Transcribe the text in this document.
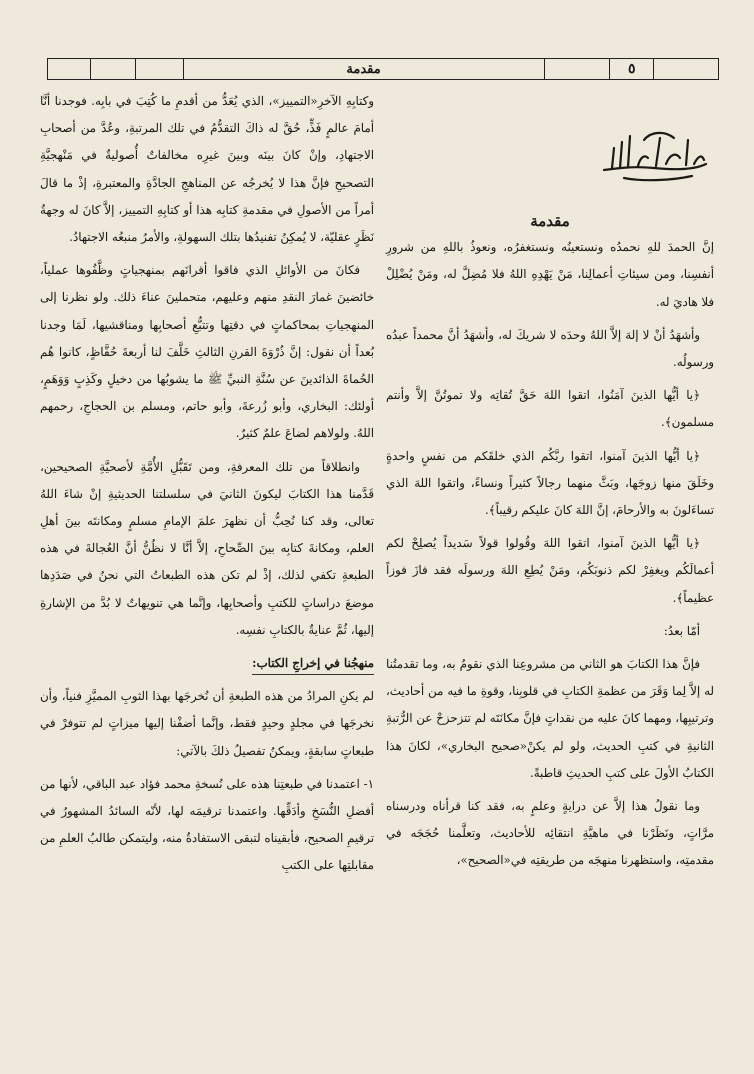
مقدمة	٥
مقدمة

إنَّ الحمدَ للهِ نحمدُه ونستعينُه ونستغفرُه، ونعوذُ باللهِ من شرورِ أنفسِنا، ومن سيئاتِ أعمالِنا، مَنْ يَهْدِهِ اللهُ فلا مُضِلَّ له، ومَنْ يُضْلِلْ فلا هاديَ له.

وأشهَدُ أنْ لا إلهَ إلاَّ اللهُ وحدَه لا شريكَ له، وأشهَدُ أنَّ محمداً عبدُه ورسولُه.

﴿يا أيُّها الذينَ آمَنُوا، اتقوا اللهَ حَقَّ تُقاتِه ولا تموتُنَّ إلاَّ وأنتم مسلمون﴾.

﴿يا أيُّها الذينَ آمنوا، اتقوا ربَّكُم الذي خلقَكم من نفسٍ واحدةٍ وخَلَقَ منها زوجَها، وبَثَّ منهما رجالاً كثيراً ونساءً، واتقوا اللهَ الذي تساءَلونَ به والأرحامَ، إنَّ اللهَ كانَ عليكم رقيباً﴾.

﴿يا أيُّها الذينَ آمنوا، اتقوا اللهَ وقُولوا قولاً سَديداً يُصلِحْ لكم أعمالَكُم ويغفِرْ لكم ذنوبَكُم، ومَنْ يُطِعِ اللهَ ورسولَه فقد فازَ فوزاً عظيماً﴾.

أمّا بعدُ:

فإنَّ هذا الكتابَ هو الثاني من مشروعِنا الذي نقومُ به، وما تقدمتُنا له إلاَّ لِما وَقَرَ من عظمةِ الكتابِ في قلوبِنا، وقوةِ ما فيه من أحاديث، وترتيبِها، ومهما كانَ عليه من نقداتٍ فإنَّ مكانَتَه لم تتزحزحْ عن الرُّتبةِ الثانيةِ في كتبِ الحديث، ولو لم يكنْ«صحيح البخاري»، لكانَ هذا الكتابُ الأولَ على كتبِ الحديثِ قاطبةً.

وما نقولُ هذا إلاَّ عن درايةٍ وعلمٍ به، فقد كنا قرأناه ودرسناه مرَّاتٍ، ونَظَرْنا في ماهيَّةِ انتقائِه للأحاديث، وتعلَّمنا حُجَجَه في مقدمتِه، واستظهرنا منهجَه من طريقتِه في«الصحيح»،

وكتابِهِ الآخرِ«التمييز»، الذي يُعَدُّ من أقدمِ ما كُتِبَ في بابِه. فوجدنا أنَّا أمامَ عالمٍ فَذٍّ، حُقَّ له ذاكَ التقدُّمُ في تلك المرتبةِ، وعُدَّ من أصحابِ الاجتهادِ، وإنْ كانَ بينَه وبينَ غيرِه مخالفاتٌ أُصوليةٌ في مَنْهجيَّةِ التصحيحِ فإنَّ هذا لا يُخرجُه عن المناهجِ الجادَّةِ والمعتبرةِ، إذْ ما قالَ أمراً من الأصولِ في مقدمةِ كتابِه هذا أو كتابِهِ التمييز، إلاَّ كانَ له وجهةُ نَظَرٍ عقليّة، لا يُمكِنُ تفنيدُها بتلك السهولةِ، والأمرُ منبعُه الاجتهادُ.

فكانَ من الأوائلِ الذي فاقوا أقرانَهم بمنهجياتٍ وظَّفُوها عملياً، خائضينَ غمارَ النقدِ منهم وعليهم، متحملينَ عناءَ ذلك. ولو نظرنا إلى المنهجياتِ بمحاكماتٍ في دقتِها وتتبُّعِ أصحابِها ومناقشيها، لَمَا وجدنا بُعداً أن نقول: إنَّ ذُرْوَةَ القرنِ الثالثِ خَلَّفَ لنا أربعةَ حُفَّاظٍ، كانوا هُم الحُماةَ الذائدينَ عن سُنَّةِ النبيِّ ﷺ ما يشوبُها من دخيلٍ وكَذِبٍ وَوَهَمٍ، أولئك: البخاري، وأبو زُرعةَ، وأبو حاتم، ومسلم بن الحجاجِ، رحمهم اللهُ. ولولاهم لضاعَ علمٌ كثيرٌ.

وانطلاقاً من تلك المعرفةِ، ومن تَقَبُّلِ الأُمَّةِ لأصحيَّةِ الصحيحين، قَدَّمنا هذا الكتابَ ليكونَ الثانيَ في سلسلتنا الحديثيةِ إنْ شاءَ اللهُ تعالى، وقد كنا نُحِبُّ أن نظهرَ علمَ الإمامِ مسلمٍ ومكانتَه بينَ أهلِ العلم، ومكانةَ كتابِه بينَ الصِّحاحِ، إلاَّ أنَّا لا نظُنُّ أنَّ العُجالةَ في هذه الطبعةِ تكفي لذلك، إذْ لم تكن هذه الطبعاتُ التي نحنُ في صَدَدِها موضعَ دراساتٍ للكتبِ وأصحابِها، وإنَّما هي تنويهاتٌ لا بُدَّ من الإشارةِ إليها، ثُمَّ عنايةٌ بالكتابِ نفسِه.

منهجُنا في إخراجِ الكتاب:

لم يكنِ المرادُ من هذه الطبعةِ أن نُخرجَها بهذا الثوبِ المميَّزِ فنياً، وأن نخرجَها في مجلدٍ وحيدٍ فقط، وإنَّما أضفْنا إليها ميزاتٍ لم تتوفرْ في طبعاتٍ سابقةٍ، ويمكنُ تفصيلُ ذلكَ بالآتي:

١- اعتمدنا في طبعتِنا هذه على نُسخةِ محمد فؤاد عبد الباقي، لأنها من أفضلِ النُّسَخِ وأدَقِّها. واعتمدنا ترقيمَه لها، لأنّه السائدُ المشهورُ في ترقيمِ الصحيح، فأبقيناه لتبقى الاستفادةُ منه، وليتمكن طالبُ العلمِ من مقابلتِها على الكتبِ
